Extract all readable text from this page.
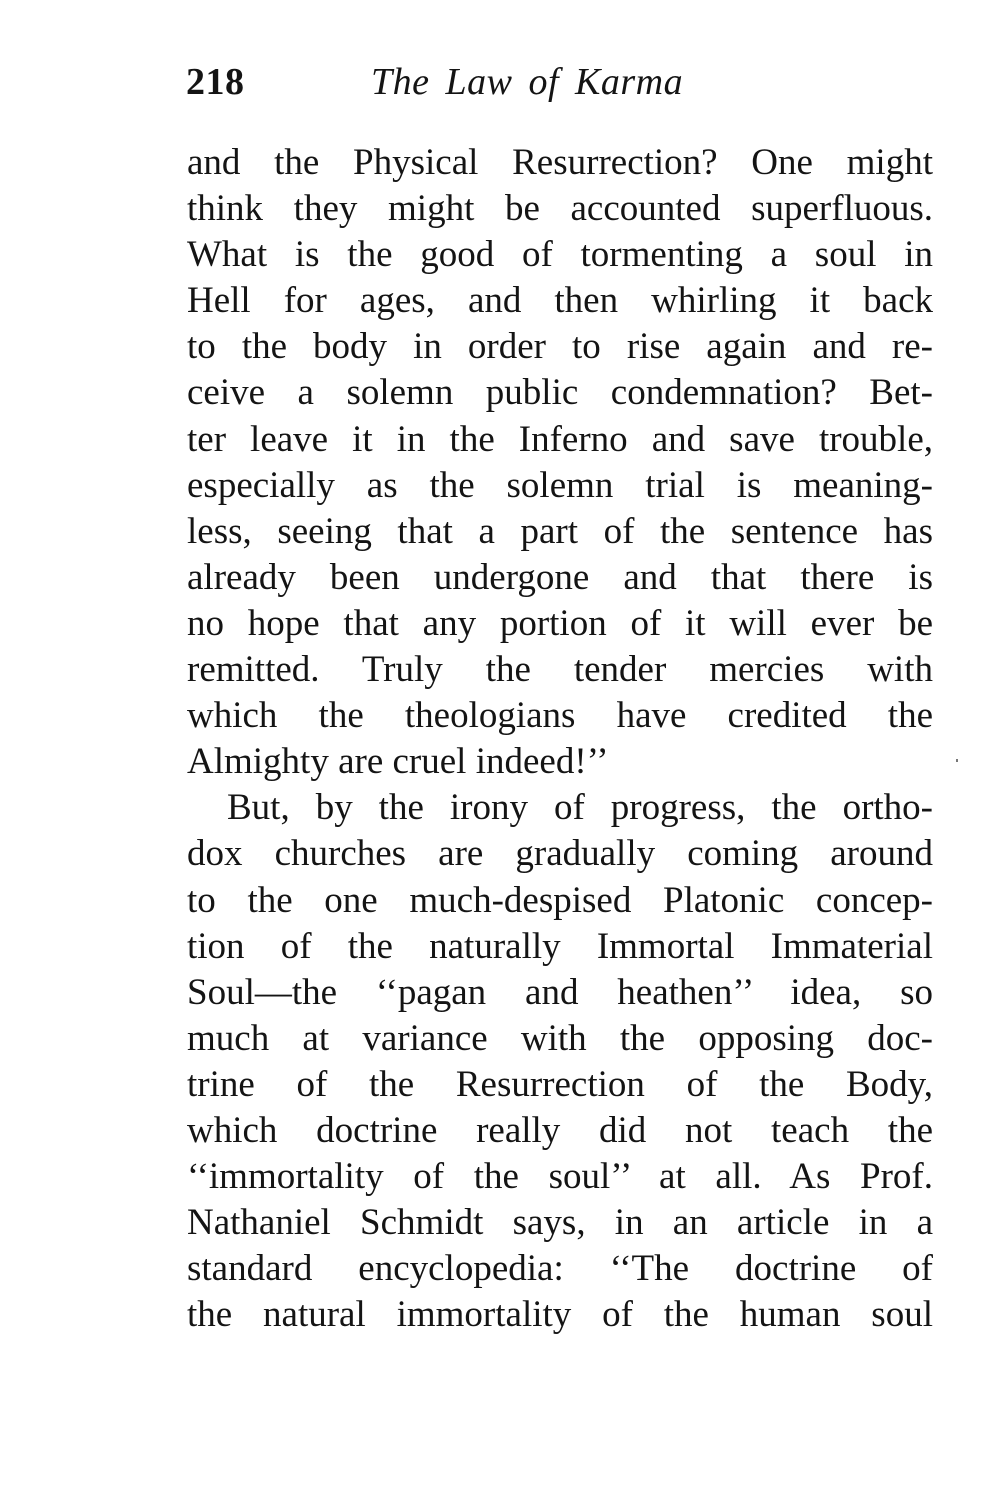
218	The Law of Karma
and the Physical Resurrection? One might
think they might be accounted superfluous.
What is the good of tormenting a soul in
Hell for ages, and then whirling it back
to the body in order to rise again and re-
ceive a solemn public condemnation? Bet-
ter leave it in the Inferno and save trouble,
especially as the solemn trial is meaning-
less, seeing that a part of the sentence has
already been undergone and that there is
no hope that any portion of it will ever be
remitted. Truly the tender mercies with
which the theologians have credited the
Almighty are cruel indeed!’’
But, by the irony of progress, the ortho-
dox churches are gradually coming around
to the one much-despised Platonic concep-
tion of the naturally Immortal Immaterial
Soul—the ‘‘pagan and heathen’’ idea, so
much at variance with the opposing doc-
trine of the Resurrection of the Body,
which doctrine really did not teach the
‘‘immortality of the soul’’ at all. As Prof.
Nathaniel Schmidt says, in an article in a
standard encyclopedia: ‘‘The doctrine of
the natural immortality of the human soul
